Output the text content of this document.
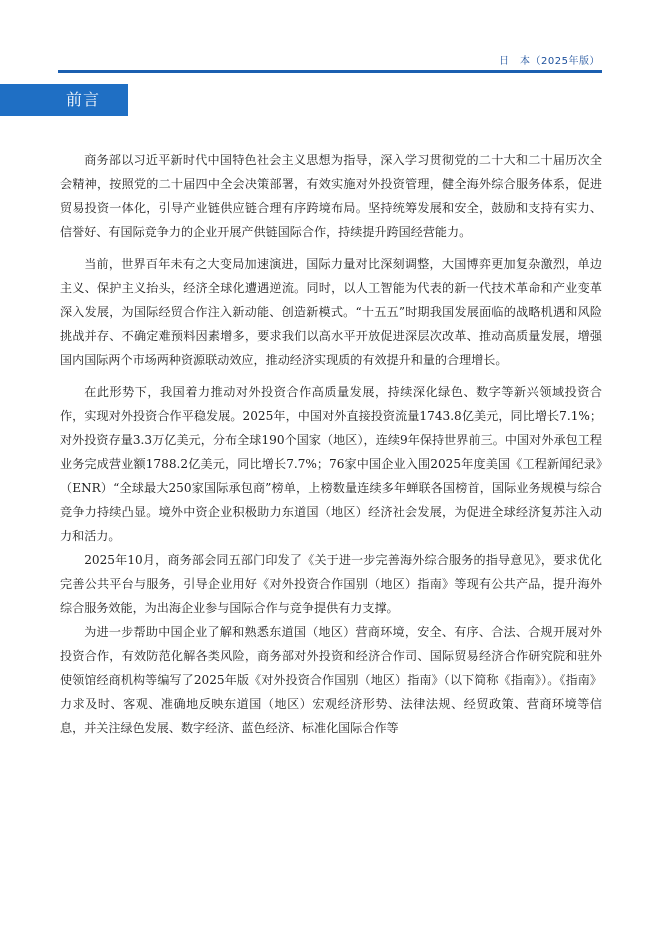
日　本（2025年版）
前言

商务部以习近平新时代中国特色社会主义思想为指导，深入学习贯彻党的二十大和二十届历次全会精神，按照党的二十届四中全会决策部署，有效实施对外投资管理，健全海外综合服务体系，促进贸易投资一体化，引导产业链供应链合理有序跨境布局。坚持统筹发展和安全，鼓励和支持有实力、信誉好、有国际竞争力的企业开展产供链国际合作，持续提升跨国经营能力。

当前，世界百年未有之大变局加速演进，国际力量对比深刻调整，大国博弈更加复杂激烈，单边主义、保护主义抬头，经济全球化遭遇逆流。同时，以人工智能为代表的新一代技术革命和产业变革深入发展，为国际经贸合作注入新动能、创造新模式。“十五五”时期我国发展面临的战略机遇和风险挑战并存、不确定难预料因素增多，要求我们以高水平开放促进深层次改革、推动高质量发展，增强国内国际两个市场两种资源联动效应，推动经济实现质的有效提升和量的合理增长。

在此形势下，我国着力推动对外投资合作高质量发展，持续深化绿色、数字等新兴领域投资合作，实现对外投资合作平稳发展。2025年，中国对外直接投资流量1743.8亿美元，同比增长7.1%；对外投资存量3.3万亿美元，分布全球190个国家（地区），连续9年保持世界前三。中国对外承包工程业务完成营业额1788.2亿美元，同比增长7.7%；76家中国企业入围2025年度美国《工程新闻纪录》（ENR）“全球最大250家国际承包商”榜单，上榜数量连续多年蝉联各国榜首，国际业务规模与综合竞争力持续凸显。境外中资企业积极助力东道国（地区）经济社会发展，为促进全球经济复苏注入动力和活力。

2025年10月，商务部会同五部门印发了《关于进一步完善海外综合服务的指导意见》，要求优化完善公共平台与服务，引导企业用好《对外投资合作国别（地区）指南》等现有公共产品，提升海外综合服务效能，为出海企业参与国际合作与竞争提供有力支撑。

为进一步帮助中国企业了解和熟悉东道国（地区）营商环境，安全、有序、合法、合规开展对外投资合作，有效防范化解各类风险，商务部对外投资和经济合作司、国际贸易经济合作研究院和驻外使领馆经商机构等编写了2025年版《对外投资合作国别（地区）指南》（以下简称《指南》）。《指南》力求及时、客观、准确地反映东道国（地区）宏观经济形势、法律法规、经贸政策、营商环境等信息，并关注绿色发展、数字经济、蓝色经济、标准化国际合作等
